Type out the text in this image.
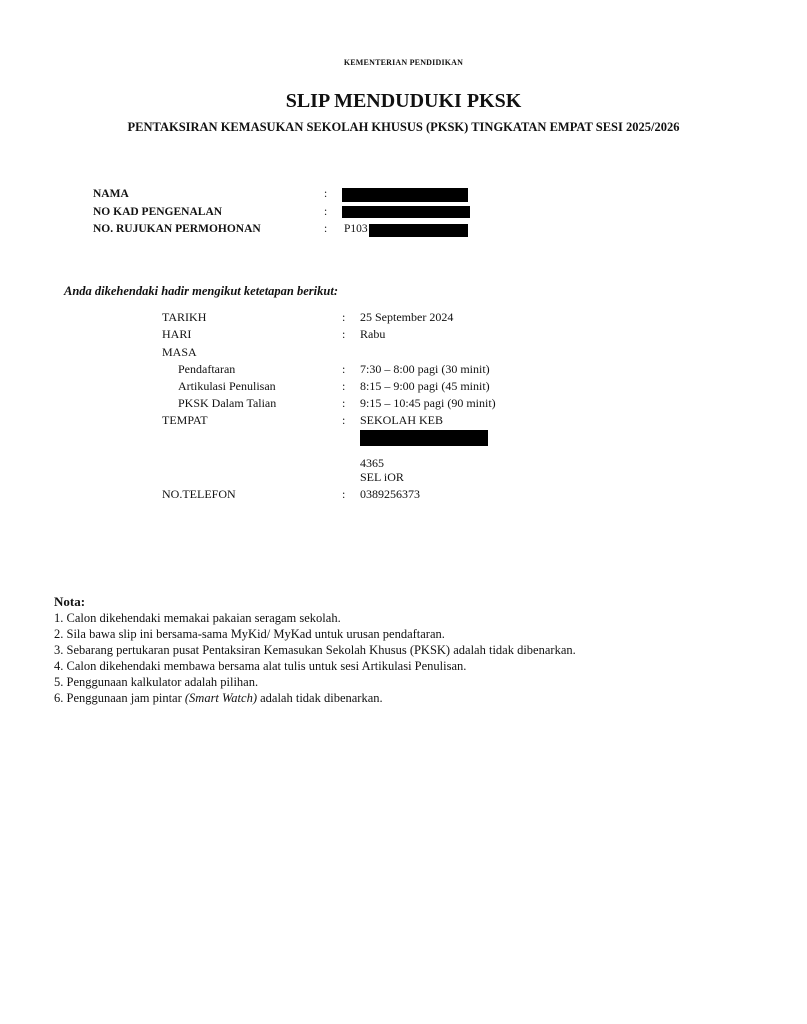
KEMENTERIAN PENDIDIKAN
SLIP MENDUDUKI PKSK
PENTAKSIRAN KEMASUKAN SEKOLAH KHUSUS (PKSK) TINGKATAN EMPAT SESI 2025/2026
NAMA	:
NO KAD PENGENALAN	:
NO. RUJUKAN PERMOHONAN	: P103
Anda dikehendaki hadir mengikut ketetapan berikut:
TARIKH	: 25 September 2024
HARI	: Rabu
MASA
Pendaftaran	: 7:30 – 8:00 pagi (30 minit)
Artikulasi Penulisan	: 8:15 – 9:00 pagi (45 minit)
PKSK Dalam Talian	: 9:15 – 10:45 pagi (90 minit)
TEMPAT	: SEKOLAH KEB
4365
SEL iOR
NO.TELEFON	: 0389256373
Nota:
1. Calon dikehendaki memakai pakaian seragam sekolah.
2. Sila bawa slip ini bersama-sama MyKid/ MyKad untuk urusan pendaftaran.
3. Sebarang pertukaran pusat Pentaksiran Kemasukan Sekolah Khusus (PKSK) adalah tidak dibenarkan.
4. Calon dikehendaki membawa bersama alat tulis untuk sesi Artikulasi Penulisan.
5. Penggunaan kalkulator adalah pilihan.
6. Penggunaan jam pintar (Smart Watch) adalah tidak dibenarkan.
